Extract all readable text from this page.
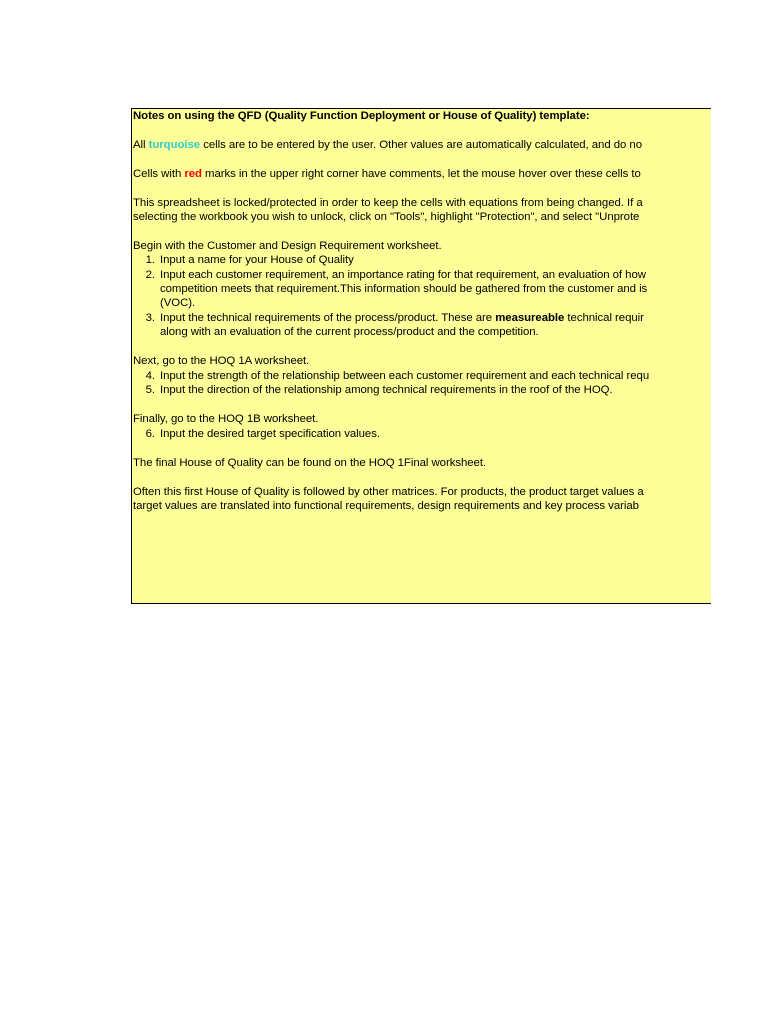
Notes on using the QFD (Quality Function Deployment or House of Quality) template:
All turquoise cells are to be entered by the user. Other values are automatically calculated, and do no
Cells with red marks in the upper right corner have comments, let the mouse hover over these cells to
This spreadsheet is locked/protected in order to keep the cells with equations from being changed. If a
selecting the workbook you wish to unlock, click on "Tools", highlight "Protection", and select "Unprote
Begin with the Customer and Design Requirement worksheet.
1. Input a name for your House of Quality
2. Input each customer requirement, an importance rating for that requirement, an evaluation of how
competition meets that requirement.This information should be gathered from the customer and is
(VOC).
3. Input the technical requirements of the process/product. These are measureable technical requir
along with an evaluation of the current process/product and the competition.
Next, go to the HOQ 1A worksheet.
4. Input the strength of the relationship between each customer requirement and each technical requ
5. Input the direction of the relationship among technical requirements in the roof of the HOQ.
Finally, go to the HOQ 1B worksheet.
6. Input the desired target specification values.
The final House of Quality can be found on the HOQ 1Final worksheet.
Often this first House of Quality is followed by other matrices. For products, the product target values a
target values are translated into functional requirements, design requirements and key process variab
